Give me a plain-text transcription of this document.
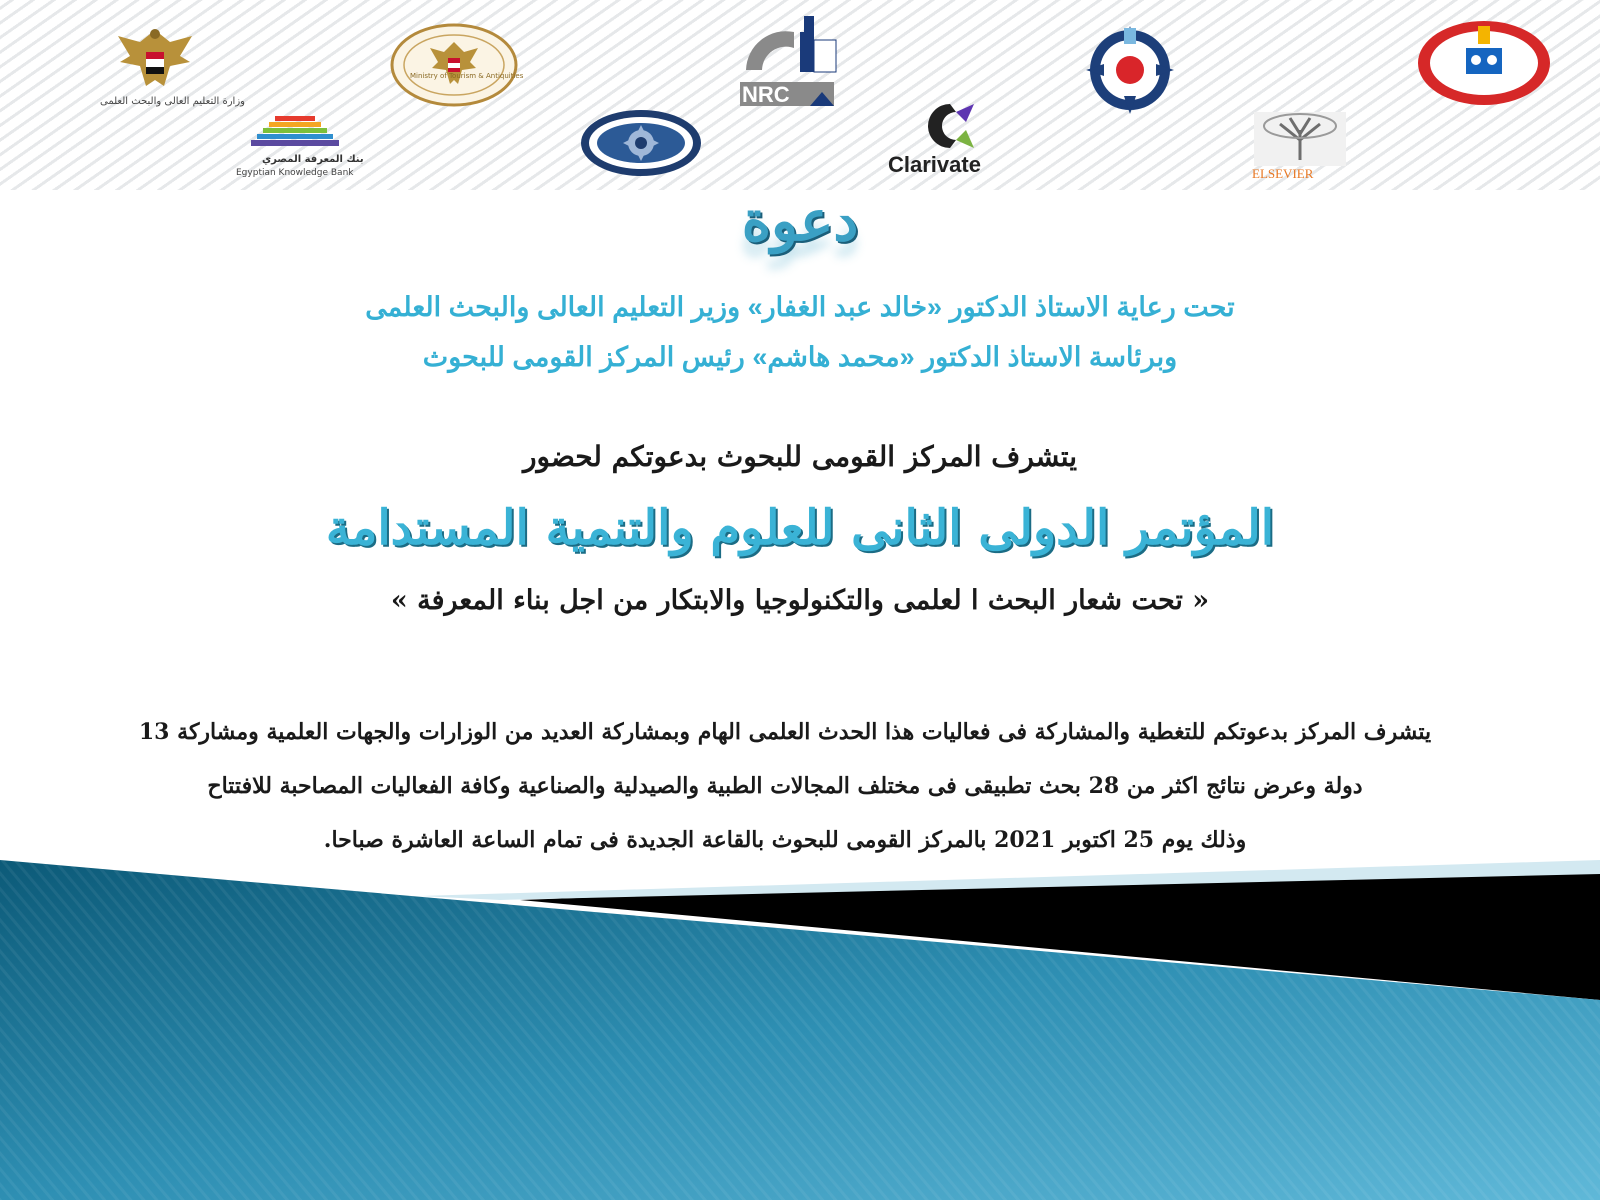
وزارة التعليم العالى والبحث العلمى
Ministry of Tourism & Antiquities
بنك المعرفة المصري
Egyptian Knowledge Bank
NRC
Clarivate	ELSEVIER
دعوة
تحت رعاية الاستاذ الدكتور «خالد عبد الغفار» وزير التعليم العالى والبحث العلمى
وبرئاسة الاستاذ الدكتور «محمد هاشم» رئيس المركز القومى للبحوث
يتشرف المركز القومى للبحوث بدعوتكم لحضور
المؤتمر الدولى الثانى للعلوم والتنمية المستدامة
« تحت شعار البحث ا لعلمى والتكنولوجيا والابتكار من اجل بناء المعرفة »

يتشرف المركز بدعوتكم للتغطية والمشاركة فى فعاليات هذا الحدث العلمى الهام وبمشاركة العديد من الوزارات والجهات العلمية ومشاركة 13

دولة وعرض نتائج اكثر من 28 بحث تطبيقى فى مختلف المجالات الطبية والصيدلية والصناعية وكافة الفعاليات المصاحبة للافتتاح

وذلك يوم 25 اكتوبر 2021 بالمركز القومى للبحوث بالقاعة الجديدة فى تمام الساعة العاشرة صباحا.
